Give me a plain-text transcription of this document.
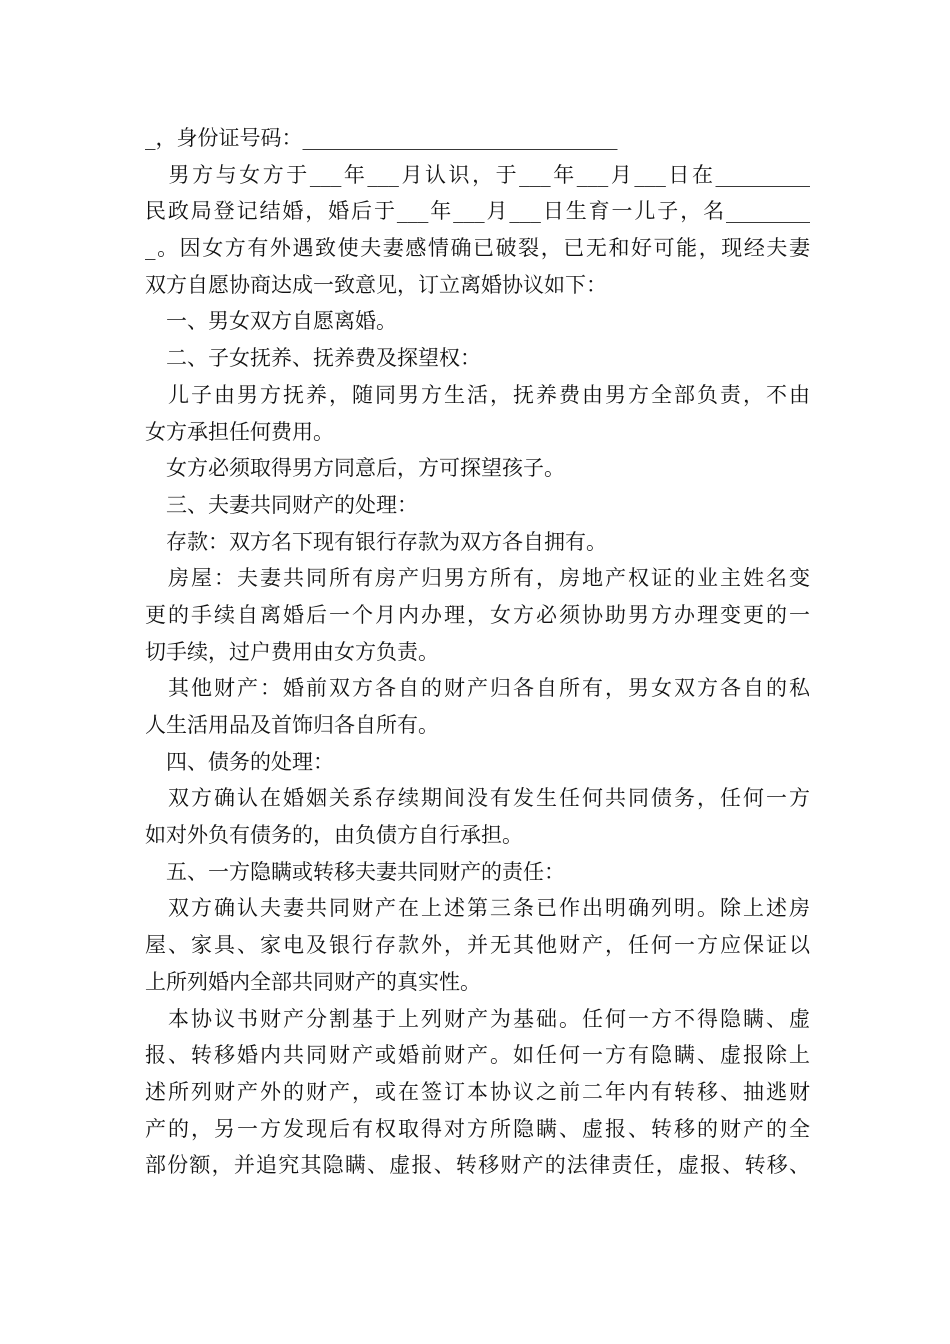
_，身份证号码：______________________________

　男方与女方于___年___月认识，于___年___月___日在_________

民政局登记结婚，婚后于___年___月___日生育一儿子，名________

_。因女方有外遇致使夫妻感情确已破裂，已无和好可能，现经夫妻

双方自愿协商达成一致意见，订立离婚协议如下：

　一、男女双方自愿离婚。

　二、子女抚养、抚养费及探望权：

　儿子由男方抚养，随同男方生活，抚养费由男方全部负责，不由

女方承担任何费用。

　女方必须取得男方同意后，方可探望孩子。

　三、夫妻共同财产的处理：

　存款：双方名下现有银行存款为双方各自拥有。

　房屋：夫妻共同所有房产归男方所有，房地产权证的业主姓名变

更的手续自离婚后一个月内办理，女方必须协助男方办理变更的一

切手续，过户费用由女方负责。

　其他财产：婚前双方各自的财产归各自所有，男女双方各自的私

人生活用品及首饰归各自所有。

　四、债务的处理：

　双方确认在婚姻关系存续期间没有发生任何共同债务，任何一方

如对外负有债务的，由负债方自行承担。

　五、一方隐瞒或转移夫妻共同财产的责任：

　双方确认夫妻共同财产在上述第三条已作出明确列明。除上述房

屋、家具、家电及银行存款外，并无其他财产，任何一方应保证以

上所列婚内全部共同财产的真实性。

　本协议书财产分割基于上列财产为基础。任何一方不得隐瞒、虚

报、转移婚内共同财产或婚前财产。如任何一方有隐瞒、虚报除上

述所列财产外的财产，或在签订本协议之前二年内有转移、抽逃财

产的，另一方发现后有权取得对方所隐瞒、虚报、转移的财产的全

部份额，并追究其隐瞒、虚报、转移财产的法律责任，虚报、转移、
